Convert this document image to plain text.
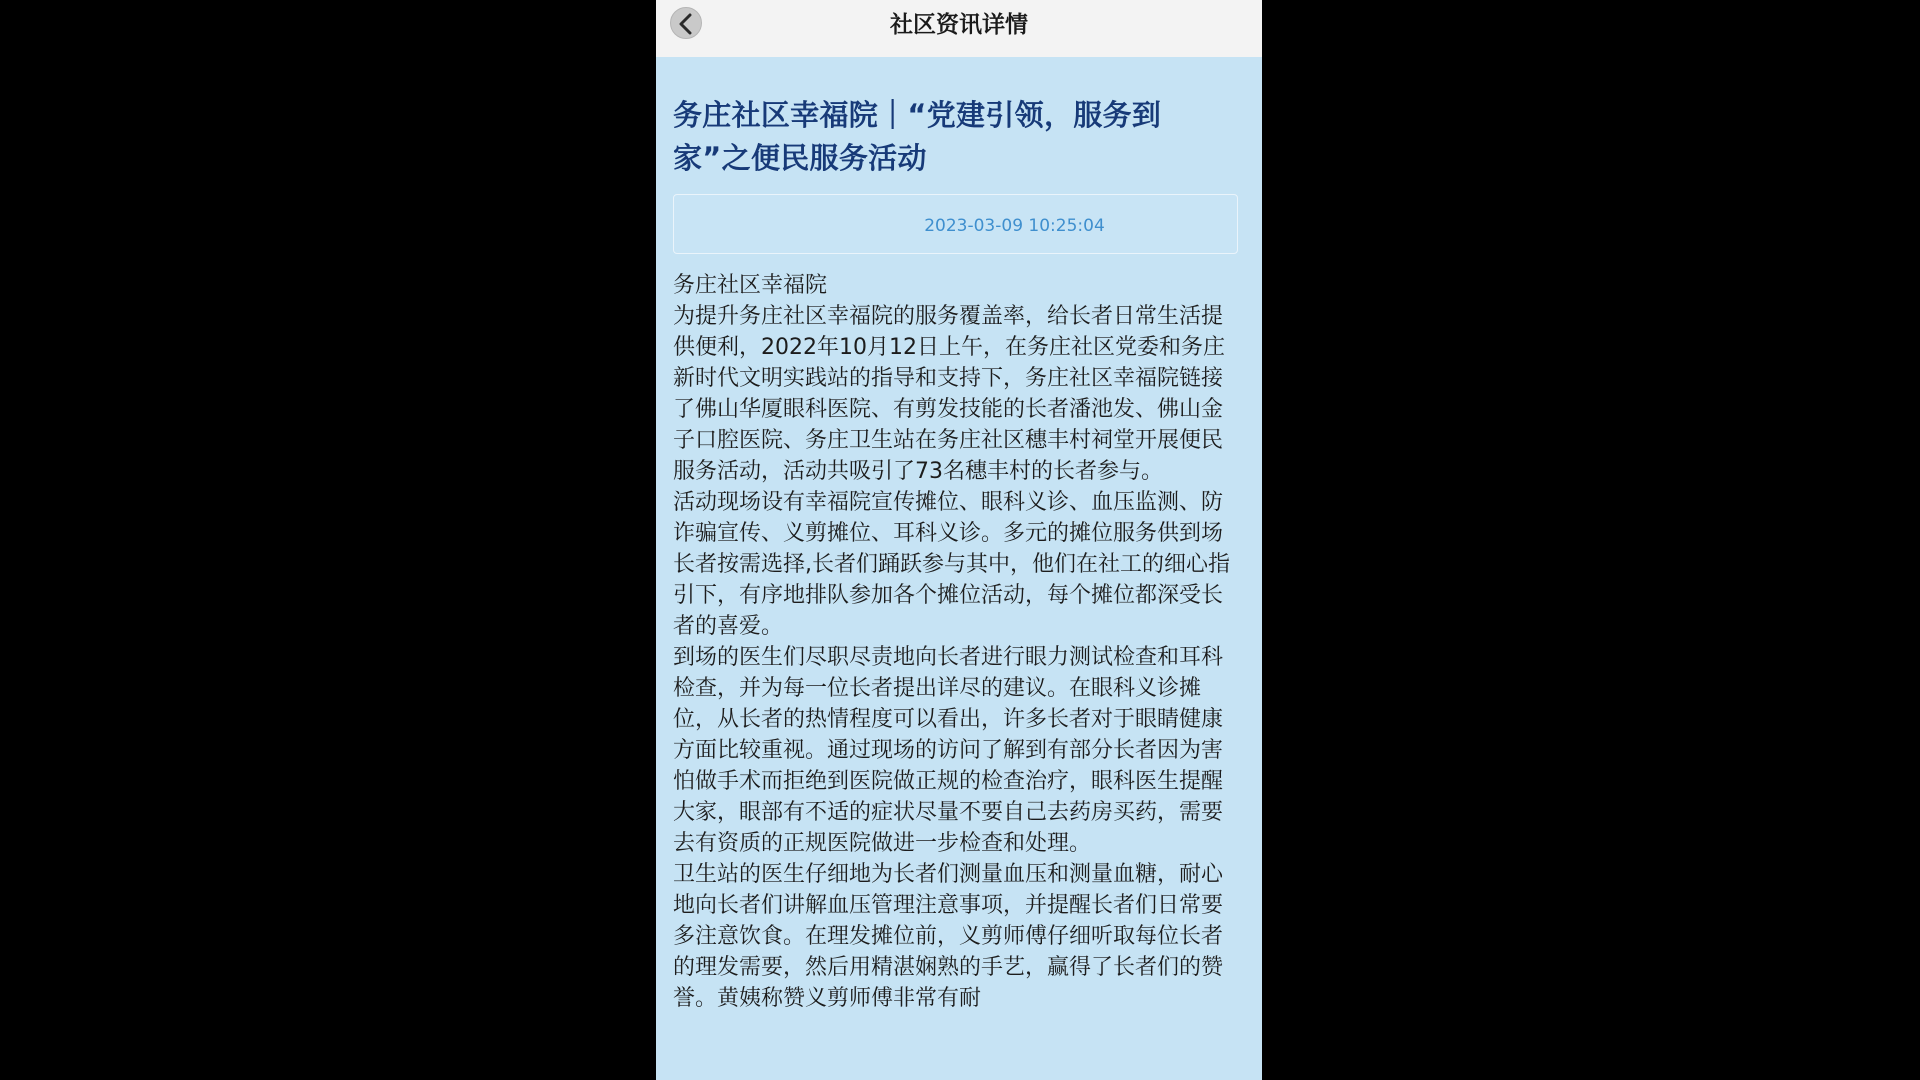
社区资讯详情
务庄社区幸福院｜“党建引领，服务到家”之便民服务活动
2023-03-09 10:25:04

务庄社区幸福院

为提升务庄社区幸福院的服务覆盖率，给长者日常生活提供便利，2022年10月12日上午，在务庄社区党委和务庄新时代文明实践站的指导和支持下，务庄社区幸福院链接了佛山华厦眼科医院、有剪发技能的长者潘池发、佛山金子口腔医院、务庄卫生站在务庄社区穗丰村祠堂开展便民服务活动，活动共吸引了73名穗丰村的长者参与。

活动现场设有幸福院宣传摊位、眼科义诊、血压监测、防诈骗宣传、义剪摊位、耳科义诊。多元的摊位服务供到场长者按需选择,长者们踊跃参与其中，他们在社工的细心指引下，有序地排队参加各个摊位活动，每个摊位都深受长者的喜爱。

到场的医生们尽职尽责地向长者进行眼力测试检查和耳科检查，并为每一位长者提出详尽的建议。在眼科义诊摊位，从长者的热情程度可以看出，许多长者对于眼睛健康方面比较重视。通过现场的访问了解到有部分长者因为害怕做手术而拒绝到医院做正规的检查治疗，眼科医生提醒大家，眼部有不适的症状尽量不要自己去药房买药，需要去有资质的正规医院做进一步检查和处理。

卫生站的医生仔细地为长者们测量血压和测量血糖，耐心地向长者们讲解血压管理注意事项，并提醒长者们日常要多注意饮食。在理发摊位前，义剪师傅仔细听取每位长者的理发需要，然后用精湛娴熟的手艺，赢得了长者们的赞誉。黄姨称赞义剪师傅非常有耐
